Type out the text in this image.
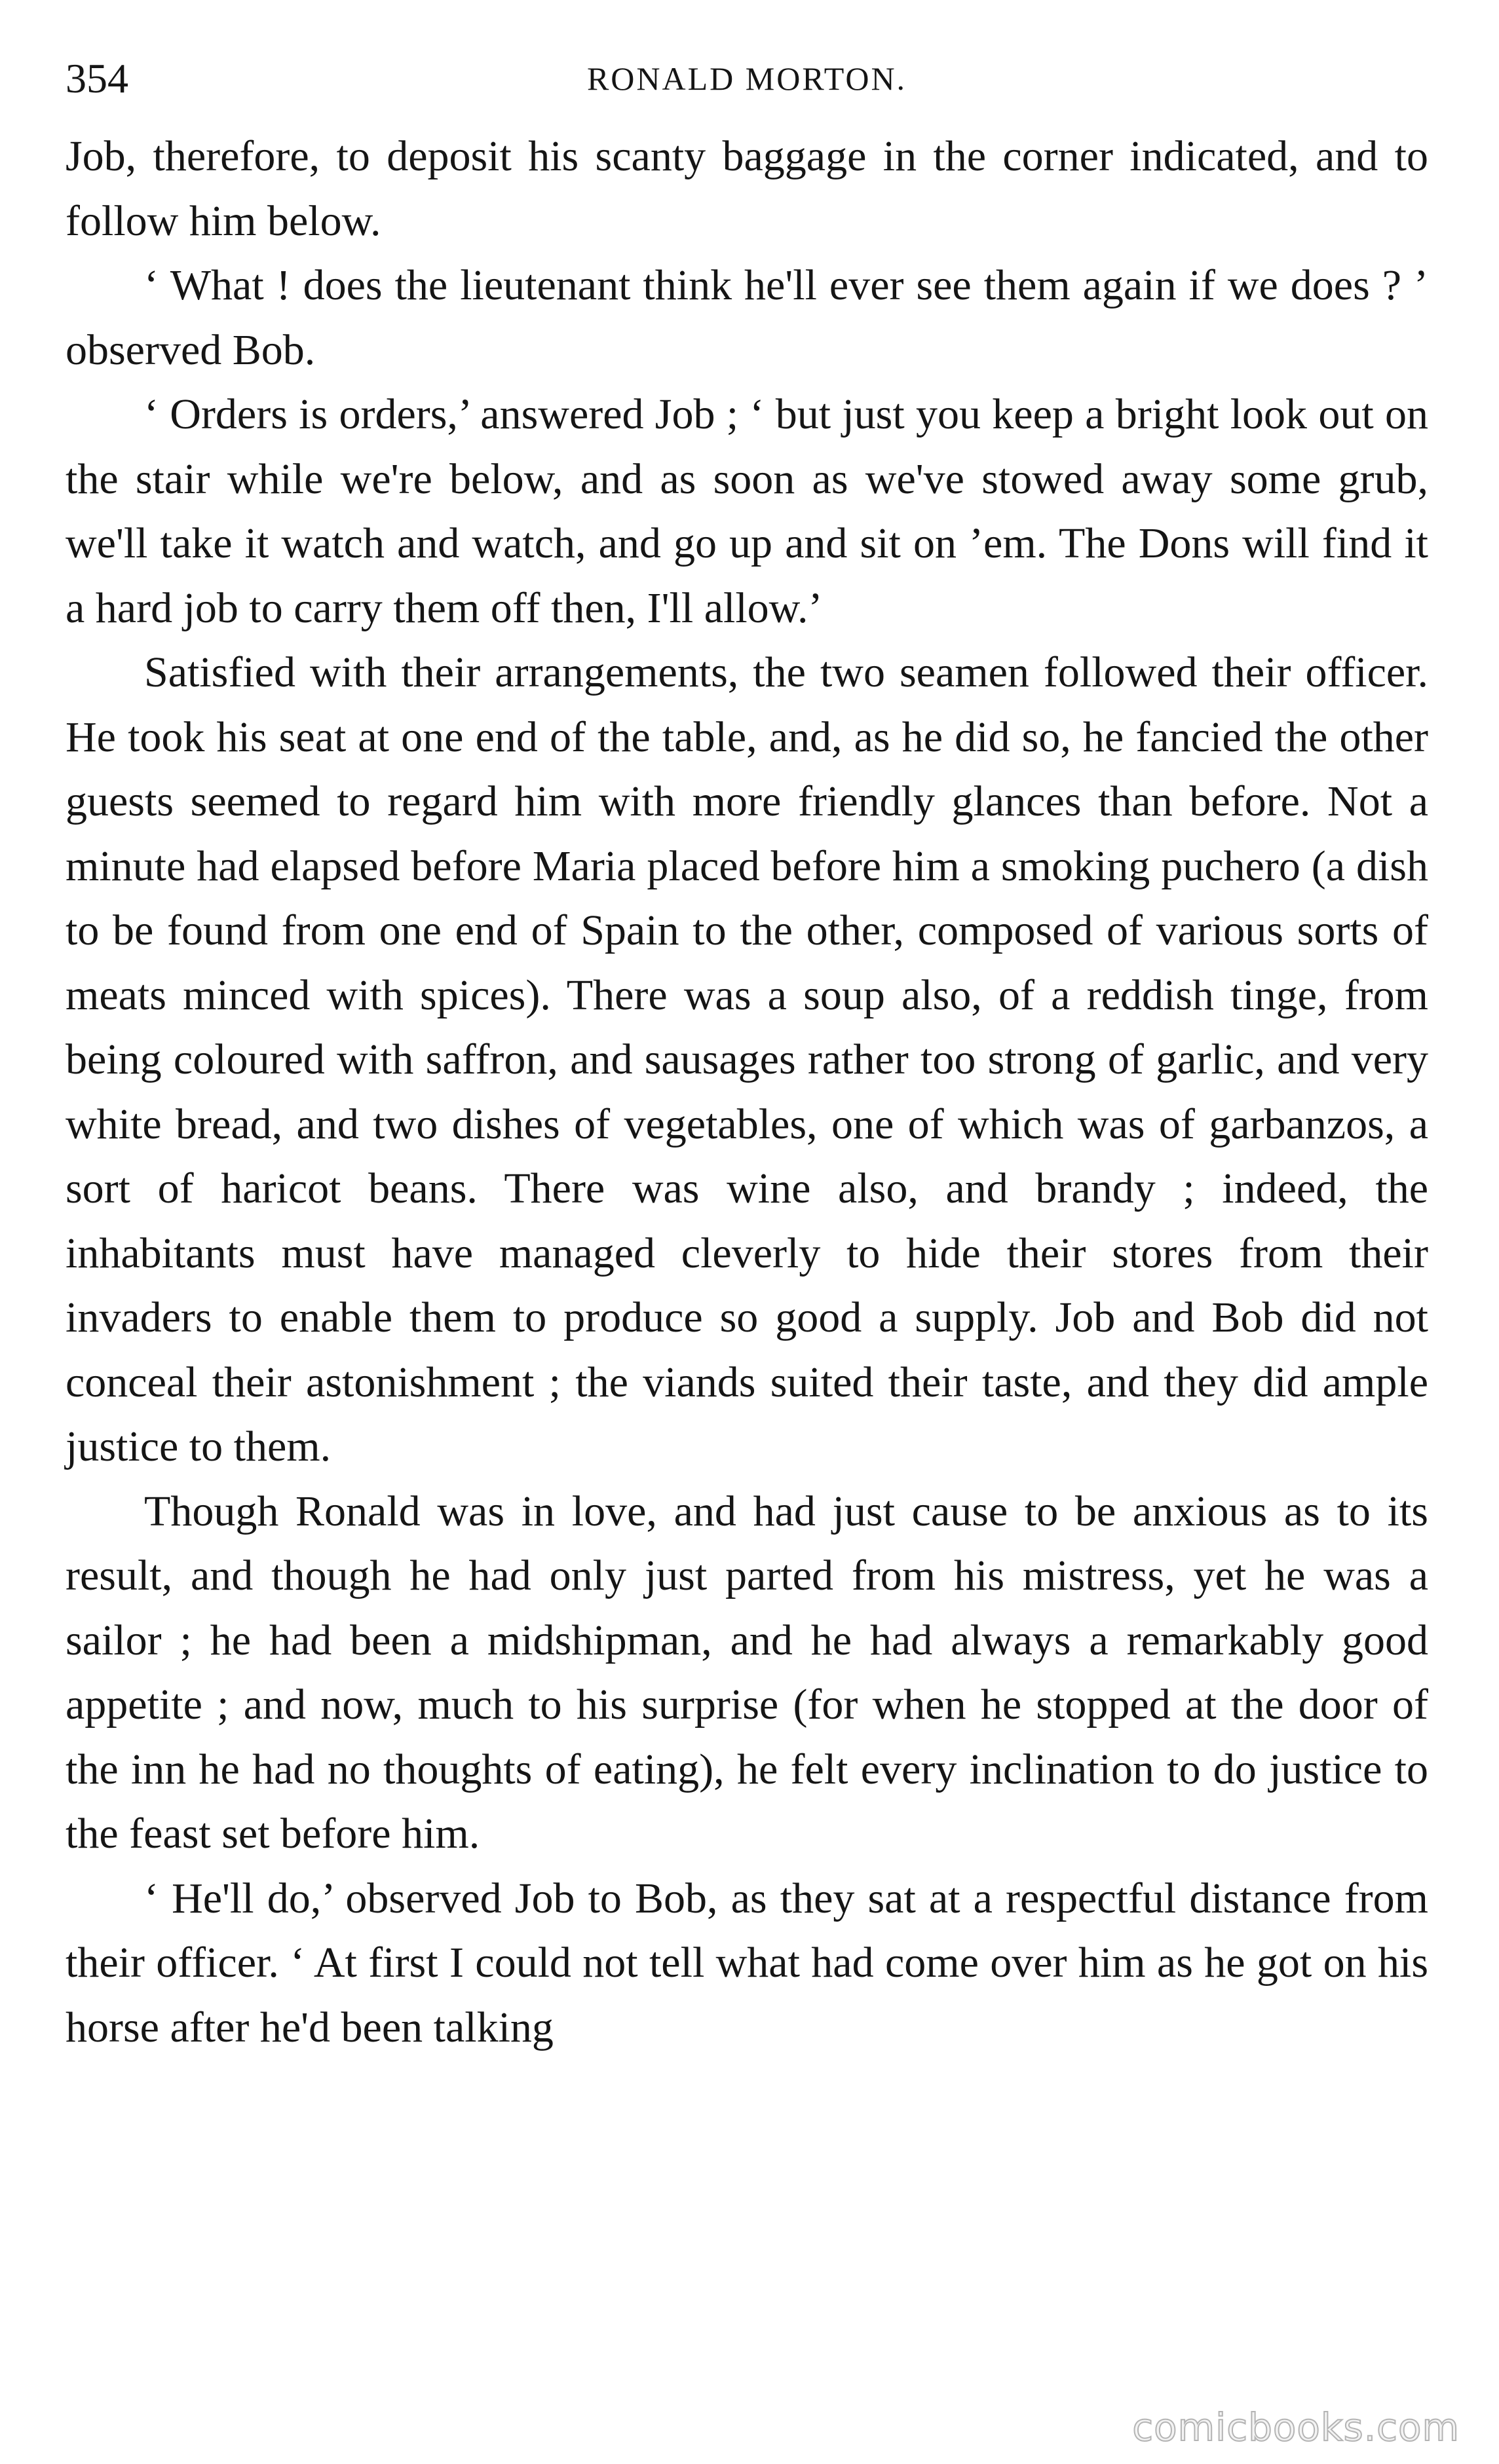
354	RONALD MORTON.

Job, therefore, to deposit his scanty baggage in the corner indicated, and to follow him below.

‘ What ! does the lieutenant think he'll ever see them again if we does ? ’ observed Bob.

‘ Orders is orders,’ answered Job ; ‘ but just you keep a bright look out on the stair while we're below, and as soon as we've stowed away some grub, we'll take it watch and watch, and go up and sit on ’em. The Dons will find it a hard job to carry them off then, I'll allow.’

Satisfied with their arrangements, the two seamen followed their officer. He took his seat at one end of the table, and, as he did so, he fancied the other guests seemed to regard him with more friendly glances than before. Not a minute had elapsed before Maria placed before him a smoking puchero (a dish to be found from one end of Spain to the other, composed of various sorts of meats minced with spices). There was a soup also, of a reddish tinge, from being coloured with saffron, and sausages rather too strong of garlic, and very white bread, and two dishes of vegetables, one of which was of garbanzos, a sort of haricot beans. There was wine also, and brandy ; indeed, the inhabitants must have managed cleverly to hide their stores from their invaders to enable them to produce so good a supply. Job and Bob did not conceal their astonishment ; the viands suited their taste, and they did ample justice to them.

Though Ronald was in love, and had just cause to be anxious as to its result, and though he had only just parted from his mistress, yet he was a sailor ; he had been a midshipman, and he had always a remarkably good appetite ; and now, much to his surprise (for when he stopped at the door of the inn he had no thoughts of eating), he felt every inclination to do justice to the feast set before him.

‘ He'll do,’ observed Job to Bob, as they sat at a respectful distance from their officer. ‘ At first I could not tell what had come over him as he got on his horse after he'd been talking

comicbooks.com
